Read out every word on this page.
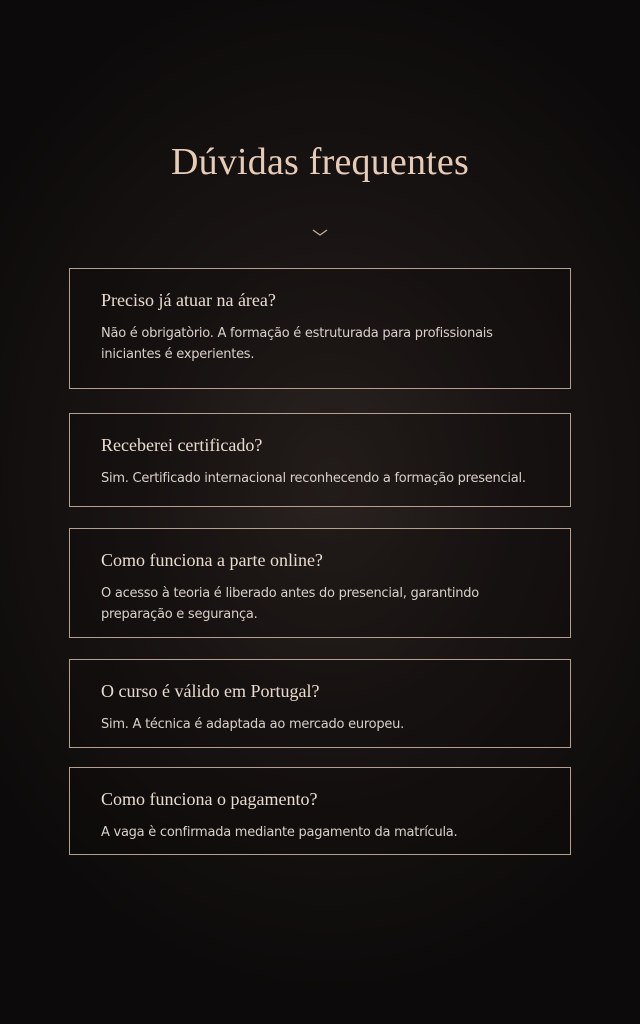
Dúvidas frequentes
Preciso já atuar na área?

Não é obrigatòrio. A formação é estruturada para profissionais iniciantes é experientes.

Receberei certificado?

Sim. Certificado internacional reconhecendo a formação presencial.

Como funciona a parte online?

O acesso à teoria é liberado antes do presencial, garantindo preparação e segurança.

O curso é válido em Portugal?

Sim. A técnica é adaptada ao mercado europeu.

Como funciona o pagamento?

A vaga è confirmada mediante pagamento da matrícula.
